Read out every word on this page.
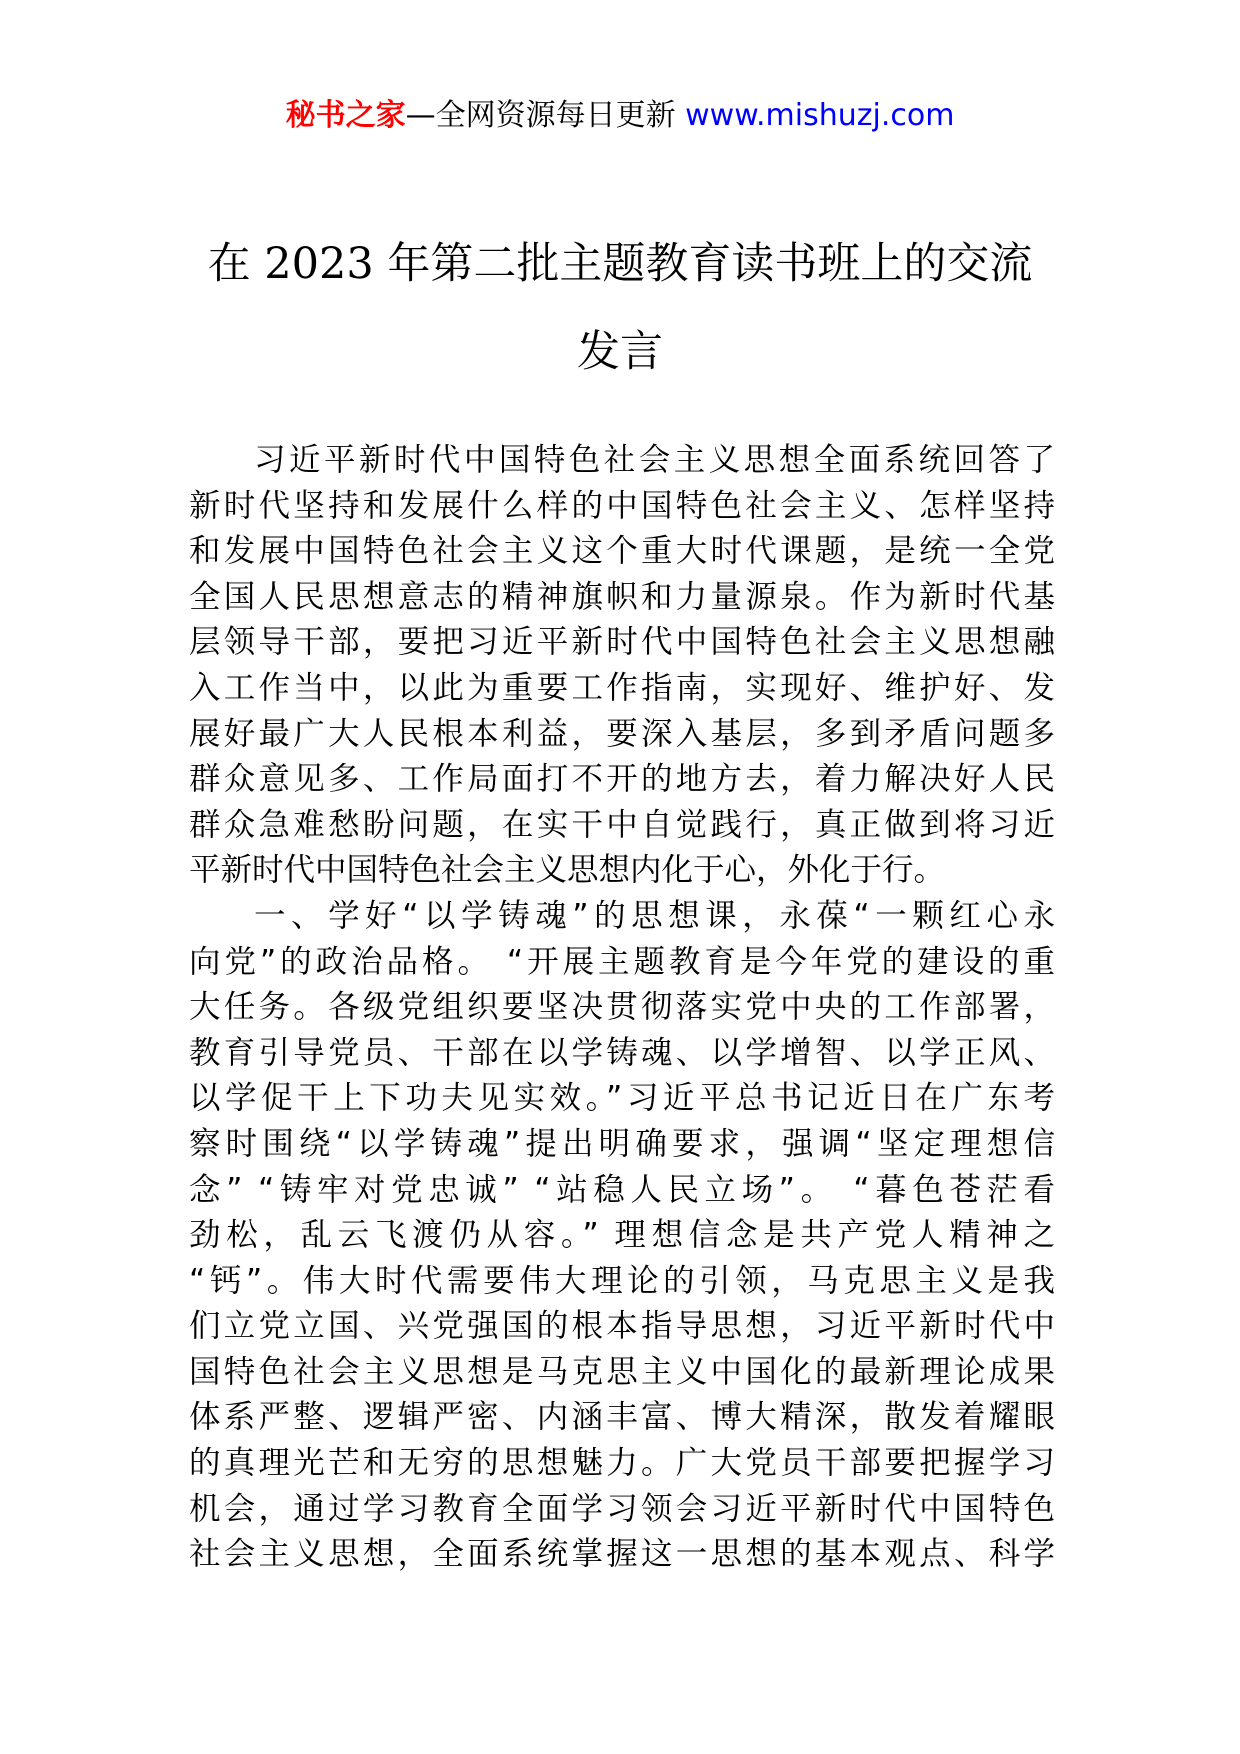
秘书之家—全网资源每日更新 www.mishuzj.com
在 2023 年第二批主题教育读书班上的交流
发言
习近平新时代中国特色社会主义思想全面系统回答了
新时代坚持和发展什么样的中国特色社会主义、怎样坚持
和发展中国特色社会主义这个重大时代课题，是统一全党
全国人民思想意志的精神旗帜和力量源泉。作为新时代基
层领导干部，要把习近平新时代中国特色社会主义思想融
入工作当中，以此为重要工作指南，实现好、维护好、发
展好最广大人民根本利益，要深入基层，多到矛盾问题多
群众意见多、工作局面打不开的地方去，着力解决好人民
群众急难愁盼问题，在实干中自觉践行，真正做到将习近
平新时代中国特色社会主义思想内化于心，外化于行。
一、学好“以学铸魂”的思想课，永葆“一颗红心永
向党”的政治品格。 “开展主题教育是今年党的建设的重
大任务。各级党组织要坚决贯彻落实党中央的工作部署，
教育引导党员、干部在以学铸魂、以学增智、以学正风、
以学促干上下功夫见实效。”习近平总书记近日在广东考
察时围绕“以学铸魂”提出明确要求，强调“坚定理想信
念” “铸牢对党忠诚” “站稳人民立场”。 “暮色苍茫看
劲松，乱云飞渡仍从容。” 理想信念是共产党人精神之
“钙”。伟大时代需要伟大理论的引领，马克思主义是我
们立党立国、兴党强国的根本指导思想，习近平新时代中
国特色社会主义思想是马克思主义中国化的最新理论成果
体系严整、逻辑严密、内涵丰富、博大精深，散发着耀眼
的真理光芒和无穷的思想魅力。广大党员干部要把握学习
机会，通过学习教育全面学习领会习近平新时代中国特色
社会主义思想，全面系统掌握这一思想的基本观点、科学
